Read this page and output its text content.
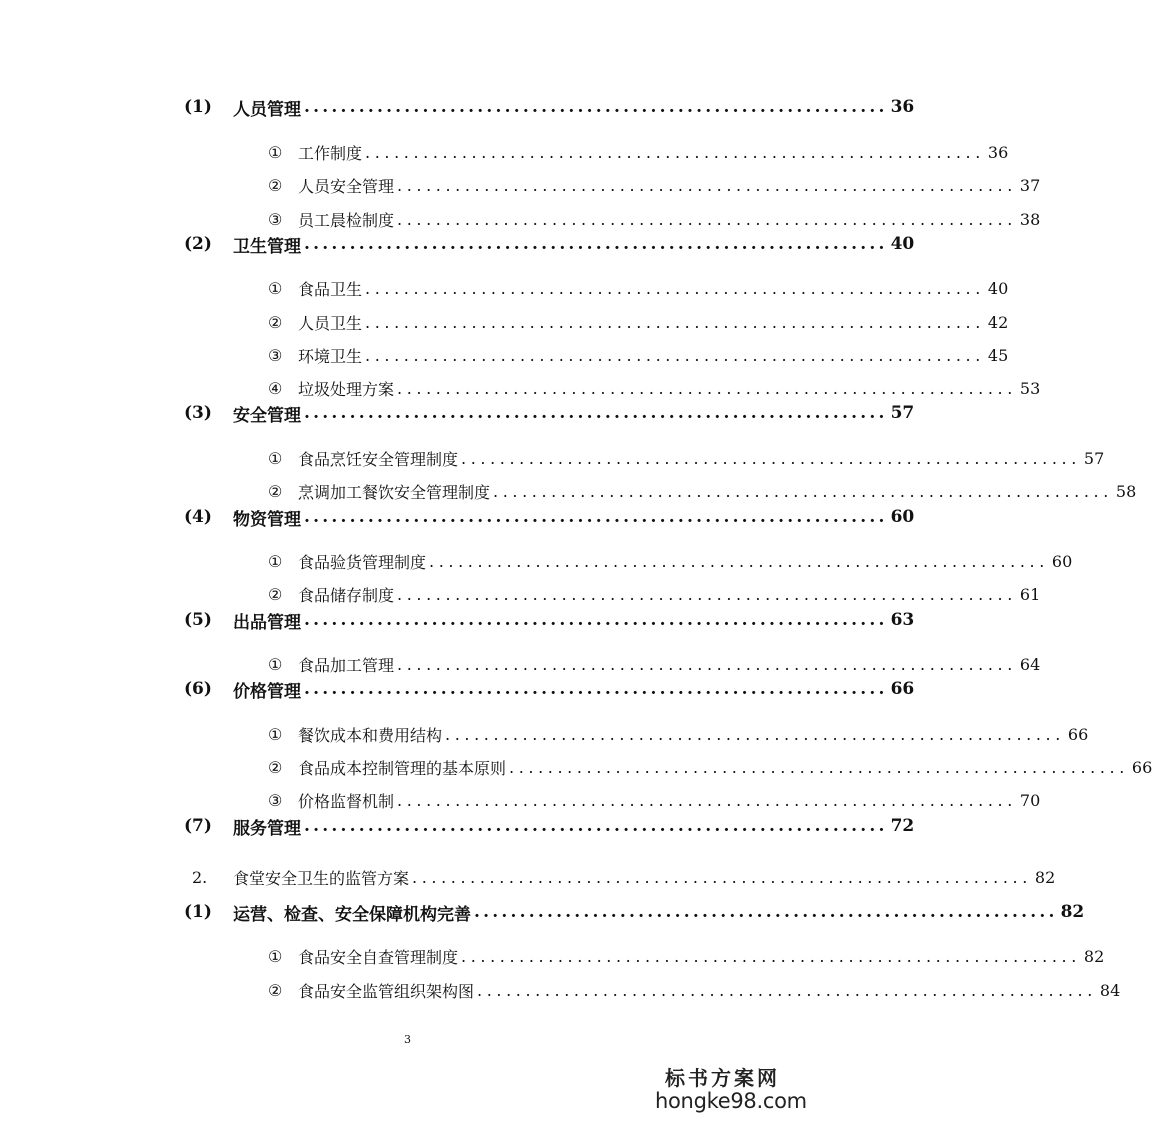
(1)	人员管理 ................................................................ 36
① 工作制度 ................................................................ 36
② 人员安全管理 ................................................................ 37
③ 员工晨检制度 ................................................................ 38
(2)	卫生管理 ................................................................ 40
① 食品卫生 ................................................................ 40
② 人员卫生 ................................................................ 42
③ 环境卫生 ................................................................ 45
④ 垃圾处理方案 ................................................................ 53
(3)	安全管理 ................................................................ 57
① 食品烹饪安全管理制度 ................................................................ 57
② 烹调加工餐饮安全管理制度 ................................................................ 58
(4)	物资管理 ................................................................ 60
① 食品验货管理制度 ................................................................ 60
② 食品储存制度 ................................................................ 61
(5)	出品管理 ................................................................ 63
① 食品加工管理 ................................................................ 64
(6)	价格管理 ................................................................ 66
① 餐饮成本和费用结构 ................................................................ 66
② 食品成本控制管理的基本原则 ................................................................ 66
③ 价格监督机制 ................................................................ 70
(7)	服务管理 ................................................................ 72
2.	食堂安全卫生的监管方案 ................................................................ 82
(1)	运营、检查、安全保障机构完善 ................................................................ 82
① 食品安全自查管理制度 ................................................................ 82
② 食品安全监管组织架构图 ................................................................ 84
3
标书方案网
hongke98.com
